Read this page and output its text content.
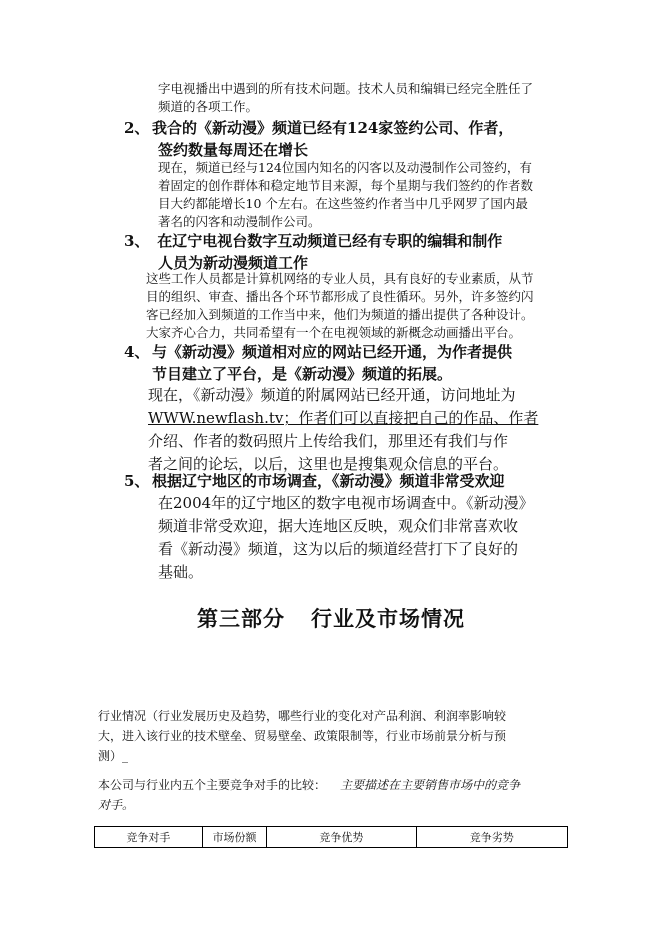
字电视播出中遇到的所有技术问题。技术人员和编辑已经完全胜任了
频道的各项工作。
2、 我合的《新动漫》频道已经有124家签约公司、作者，
签约数量每周还在增长
现在，频道已经与124位国内知名的闪客以及动漫制作公司签约，有
着固定的创作群体和稳定地节目来源，每个星期与我们签约的作者数
目大约都能增长10 个左右。在这些签约作者当中几乎网罗了国内最
著名的闪客和动漫制作公司。
3、 在辽宁电视台数字互动频道已经有专职的编辑和制作
人员为新动漫频道工作
这些工作人员都是计算机网络的专业人员，具有良好的专业素质，从节
目的组织、审查、播出各个环节都形成了良性循环。另外，许多签约闪
客已经加入到频道的工作当中来，他们为频道的播出提供了各种设计。
大家齐心合力，共同希望有一个在电视领域的新概念动画播出平台。
4、 与《新动漫》频道相对应的网站已经开通，为作者提供
节目建立了平台，是《新动漫》频道的拓展。
现在，《新动漫》频道的附属网站已经开通，访问地址为
WWW.newflash.tv；作者们可以直接把自己的作品、作者
介绍、作者的数码照片上传给我们，那里还有我们与作
者之间的论坛，以后，这里也是搜集观众信息的平台。
5、 根据辽宁地区的市场调查，《新动漫》频道非常受欢迎
在2004年的辽宁地区的数字电视市场调查中。《新动漫》
频道非常受欢迎，据大连地区反映，观众们非常喜欢收
看《新动漫》频道，这为以后的频道经营打下了良好的
基础。
第三部分 行业及市场情况
行业情况（行业发展历史及趋势，哪些行业的变化对产品利润、利润率影响较
大，进入该行业的技术壁垒、贸易壁垒、政策限制等，行业市场前景分析与预
测）_
本公司与行业内五个主要竞争对手的比较： 主要描述在主要销售市场中的竞争
对手。
竞争对手	市场份额	竞争优势	竞争劣势
